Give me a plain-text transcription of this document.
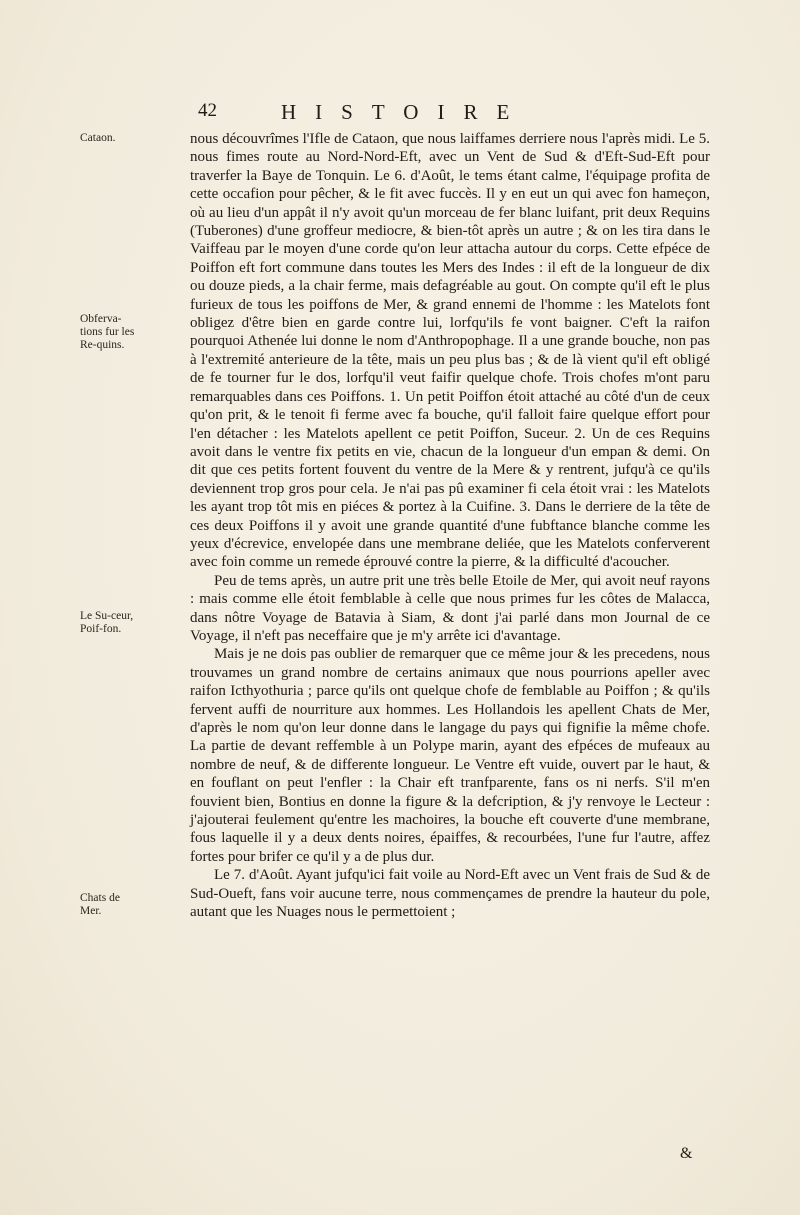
42	HISTOIRE
Cataon.
Obferva-tions fur les Re-quins.
Le Su-ceur, Poif-fon.
Chats de Mer.

nous découvrîmes l'Ifle de Cataon, que nous laiffames derriere nous l'après midi. Le 5. nous fimes route au Nord-Nord-Eft, avec un Vent de Sud & d'Eft-Sud-Eft pour traverfer la Baye de Tonquin. Le 6. d'Août, le tems étant calme, l'équipage profita de cette occafion pour pêcher, & le fit avec fuccès. Il y en eut un qui avec fon hameçon, où au lieu d'un appât il n'y avoit qu'un morceau de fer blanc luifant, prit deux Requins (Tuberones) d'une groffeur mediocre, & bien-tôt après un autre ; & on les tira dans le Vaiffeau par le moyen d'une corde qu'on leur attacha autour du corps. Cette efpéce de Poiffon eft fort commune dans toutes les Mers des Indes : il eft de la longueur de dix ou douze pieds, a la chair ferme, mais defagréable au gout. On compte qu'il eft le plus furieux de tous les poiffons de Mer, & grand ennemi de l'homme : les Matelots font obligez d'être bien en garde contre lui, lorfqu'ils fe vont baigner. C'eft la raifon pourquoi Athenée lui donne le nom d'Anthropophage. Il a une grande bouche, non pas à l'extremité anterieure de la tête, mais un peu plus bas ; & de là vient qu'il eft obligé de fe tourner fur le dos, lorfqu'il veut faifir quelque chofe. Trois chofes m'ont paru remarquables dans ces Poiffons. 1. Un petit Poiffon étoit attaché au côté d'un de ceux qu'on prit, & le tenoit fi ferme avec fa bouche, qu'il falloit faire quelque effort pour l'en détacher : les Matelots apellent ce petit Poiffon, Suceur. 2. Un de ces Requins avoit dans le ventre fix petits en vie, chacun de la longueur d'un empan & demi. On dit que ces petits fortent fouvent du ventre de la Mere & y rentrent, jufqu'à ce qu'ils deviennent trop gros pour cela. Je n'ai pas pû examiner fi cela étoit vrai : les Matelots les ayant trop tôt mis en piéces & portez à la Cuifine. 3. Dans le derriere de la tête de ces deux Poiffons il y avoit une grande quantité d'une fubftance blanche comme les yeux d'écrevice, envelopée dans une membrane deliée, que les Matelots conferverent avec foin comme un remede éprouvé contre la pierre, & la difficulté d'acoucher.

Peu de tems après, un autre prit une très belle Etoile de Mer, qui avoit neuf rayons : mais comme elle étoit femblable à celle que nous primes fur les côtes de Malacca, dans nôtre Voyage de Batavia à Siam, & dont j'ai parlé dans mon Journal de ce Voyage, il n'eft pas neceffaire que je m'y arrête ici d'avantage.

Mais je ne dois pas oublier de remarquer que ce même jour & les precedens, nous trouvames un grand nombre de certains animaux que nous pourrions apeller avec raifon Icthyothuria ; parce qu'ils ont quelque chofe de femblable au Poiffon ; & qu'ils fervent auffi de nourriture aux hommes. Les Hollandois les apellent Chats de Mer, d'après le nom qu'on leur donne dans le langage du pays qui fignifie la même chofe. La partie de devant reffemble à un Polype marin, ayant des efpéces de mufeaux au nombre de neuf, & de differente longueur. Le Ventre eft vuide, ouvert par le haut, & en fouflant on peut l'enfler : la Chair eft tranfparente, fans os ni nerfs. S'il m'en fouvient bien, Bontius en donne la figure & la defcription, & j'y renvoye le Lecteur : j'ajouterai feulement qu'entre les machoires, la bouche eft couverte d'une membrane, fous laquelle il y a deux dents noires, épaiffes, & recourbées, l'une fur l'autre, affez fortes pour brifer ce qu'il y a de plus dur.

Le 7. d'Août. Ayant jufqu'ici fait voile au Nord-Eft avec un Vent frais de Sud & de Sud-Oueft, fans voir aucune terre, nous commençames de prendre la hauteur du pole, autant que les Nuages nous le permettoient ;

&
